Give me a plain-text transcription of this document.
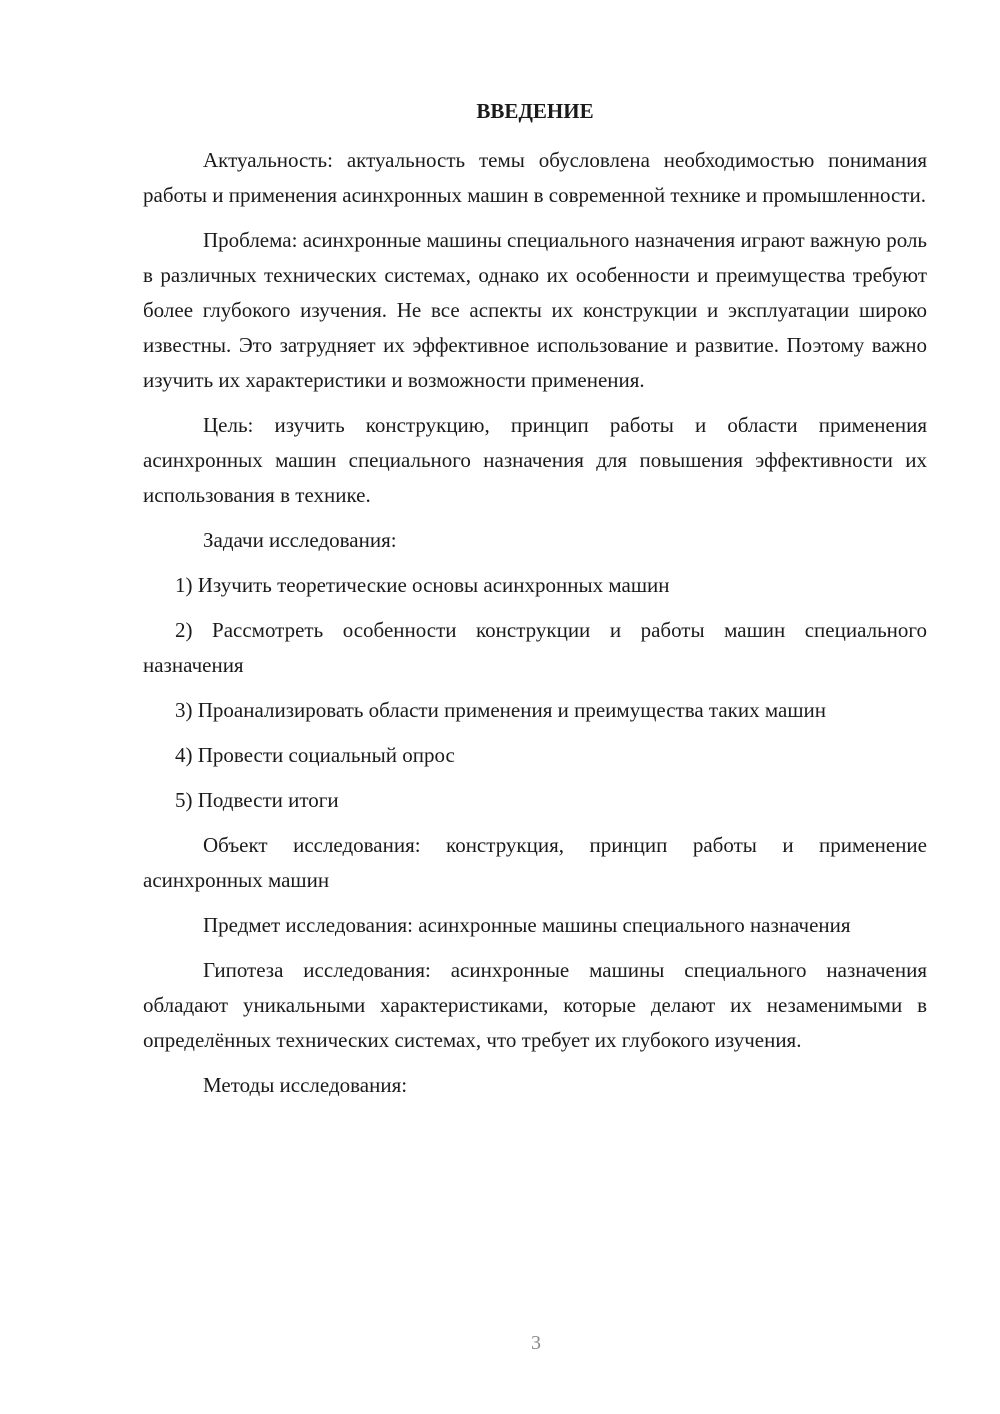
ВВЕДЕНИЕ

Актуальность: актуальность темы обусловлена необходимостью понимания работы и применения асинхронных машин в современной технике и промышленности.

Проблема: асинхронные машины специального назначения играют важную роль в различных технических системах, однако их особенности и преимущества требуют более глубокого изучения. Не все аспекты их конструкции и эксплуатации широко известны. Это затрудняет их эффективное использование и развитие. Поэтому важно изучить их характеристики и возможности применения.

Цель: изучить конструкцию, принцип работы и области применения асинхронных машин специального назначения для повышения эффективности их использования в технике.

Задачи исследования:

1) Изучить теоретические основы асинхронных машин

2) Рассмотреть особенности конструкции и работы машин специального назначения

3) Проанализировать области применения и преимущества таких машин

4) Провести социальный опрос

5) Подвести итоги

Объект исследования: конструкция, принцип работы и применение асинхронных машин

Предмет исследования: асинхронные машины специального назначения

Гипотеза исследования: асинхронные машины специального назначения обладают уникальными характеристиками, которые делают их незаменимыми в определённых технических системах, что требует их глубокого изучения.

Методы исследования:

3
